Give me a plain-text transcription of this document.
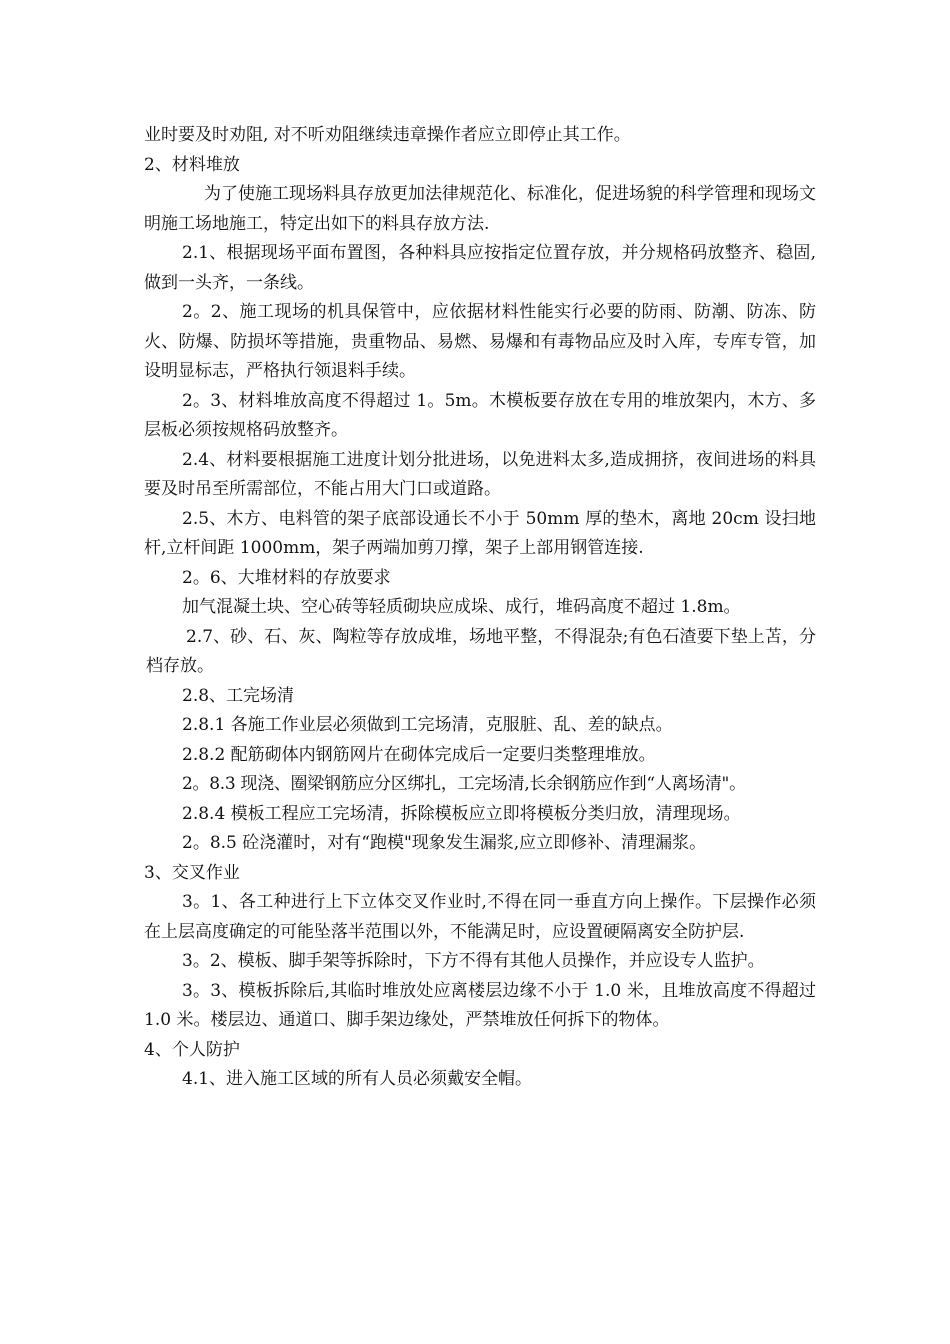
业时要及时劝阻, 对不听劝阻继续违章操作者应立即停止其工作。

2、材料堆放

为了使施工现场料具存放更加法律规范化、标准化，促进场貌的科学管理和现场文明施工场地施工，特定出如下的料具存放方法.

2.1、根据现场平面布置图，各种料具应按指定位置存放，并分规格码放整齐、稳固,做到一头齐，一条线。

2。2、施工现场的机具保管中，应依据材料性能实行必要的防雨、防潮、防冻、防火、防爆、防损坏等措施，贵重物品、易燃、易爆和有毒物品应及时入库，专库专管，加设明显标志，严格执行领退料手续。

2。3、材料堆放高度不得超过 1。5m。木模板要存放在专用的堆放架内，木方、多层板必须按规格码放整齐。

2.4、材料要根据施工进度计划分批进场，以免进料太多,造成拥挤，夜间进场的料具要及时吊至所需部位，不能占用大门口或道路。

2.5、木方、电料管的架子底部设通长不小于 50mm 厚的垫木，离地 20cm 设扫地杆,立杆间距 1000mm，架子两端加剪刀撑，架子上部用钢管连接.

2。6、大堆材料的存放要求

加气混凝土块、空心砖等轻质砌块应成垛、成行，堆码高度不超过 1.8m。

2.7、砂、石、灰、陶粒等存放成堆，场地平整，不得混杂;有色石渣要下垫上苫，分档存放。

2.8、工完场清

2.8.1 各施工作业层必须做到工完场清，克服脏、乱、差的缺点。

2.8.2 配筋砌体内钢筋网片在砌体完成后一定要归类整理堆放。

2。8.3 现浇、圈梁钢筋应分区绑扎，工完场清,长余钢筋应作到“人离场清"。

2.8.4 模板工程应工完场清，拆除模板应立即将模板分类归放，清理现场。

2。8.5 砼浇灌时，对有“跑模"现象发生漏浆,应立即修补、清理漏浆。

3、交叉作业

3。1、各工种进行上下立体交叉作业时,不得在同一垂直方向上操作。下层操作必须在上层高度确定的可能坠落半范围以外，不能满足时，应设置硬隔离安全防护层.

3。2、模板、脚手架等拆除时，下方不得有其他人员操作，并应设专人监护。

3。3、模板拆除后,其临时堆放处应离楼层边缘不小于 1.0 米，且堆放高度不得超过 1.0 米。楼层边、通道口、脚手架边缘处，严禁堆放任何拆下的物体。

4、个人防护

4.1、进入施工区域的所有人员必须戴安全帽。
